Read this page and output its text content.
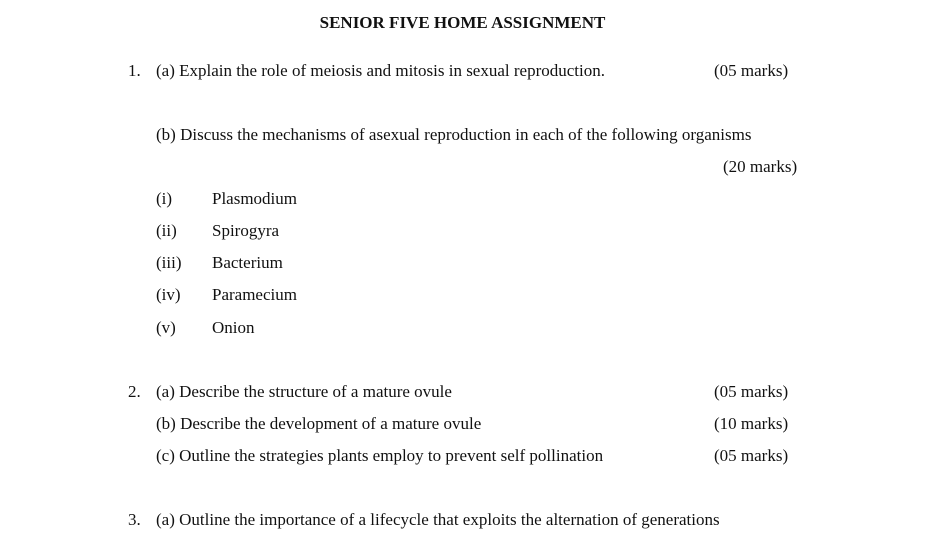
SENIOR FIVE HOME ASSIGNMENT
1. (a) Explain the role of meiosis and mitosis in sexual reproduction.	(05 marks)
(b) Discuss the mechanisms of asexual reproduction in each of the following organisms
(20 marks)
(i) Plasmodium
(ii) Spirogyra
(iii) Bacterium
(iv) Paramecium
(v) Onion
2. (a) Describe the structure of a mature ovule	(05 marks)
(b) Describe the development of a mature ovule	(10 marks)
(c) Outline the strategies plants employ to prevent self pollination	(05 marks)
3. (a) Outline the importance of a lifecycle that exploits the alternation of generations
